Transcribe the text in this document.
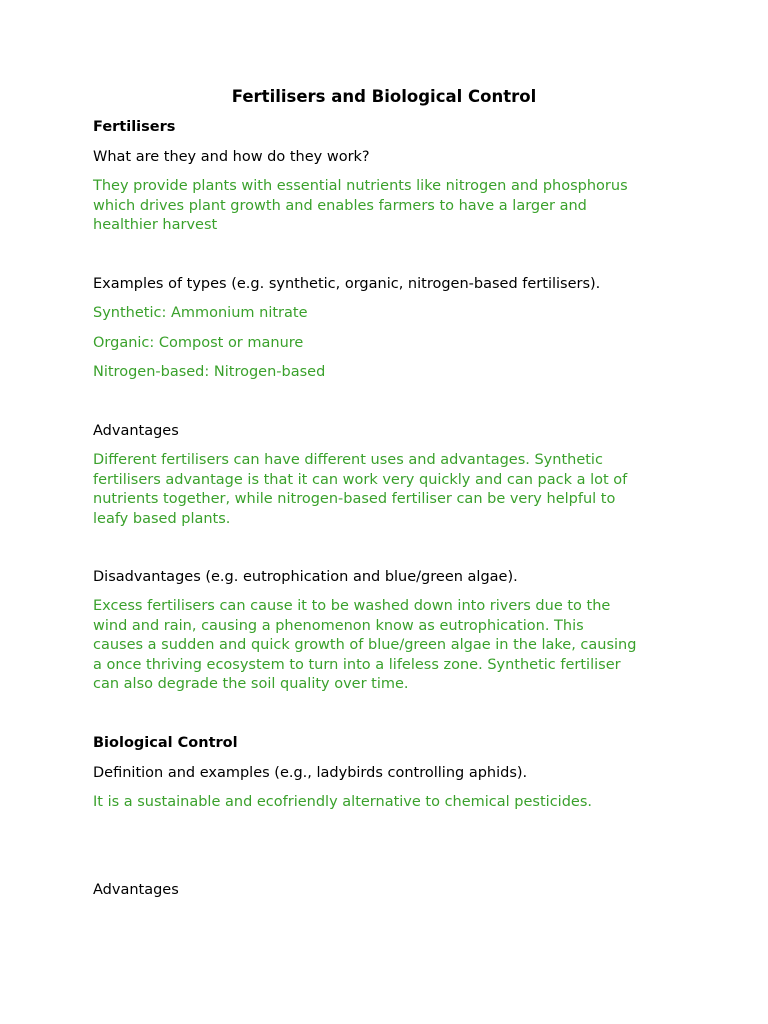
Fertilisers and Biological Control

Fertilisers

What are they and how do they work?

They provide plants with essential nutrients like nitrogen and phosphorus

which drives plant growth and enables farmers to have a larger and

healthier harvest

Examples of types (e.g. synthetic, organic, nitrogen-based fertilisers).

Synthetic: Ammonium nitrate

Organic: Compost or manure

Nitrogen-based: Nitrogen-based

Advantages

Different fertilisers can have different uses and advantages. Synthetic

fertilisers advantage is that it can work very quickly and can pack a lot of

nutrients together, while nitrogen-based fertiliser can be very helpful to

leafy based plants.

Disadvantages (e.g. eutrophication and blue/green algae).

Excess fertilisers can cause it to be washed down into rivers due to the

wind and rain, causing a phenomenon know as eutrophication. This

causes a sudden and quick growth of blue/green algae in the lake, causing

a once thriving ecosystem to turn into a lifeless zone. Synthetic fertiliser

can also degrade the soil quality over time.

Biological Control

Definition and examples (e.g., ladybirds controlling aphids).

It is a sustainable and ecofriendly alternative to chemical pesticides.

Advantages
